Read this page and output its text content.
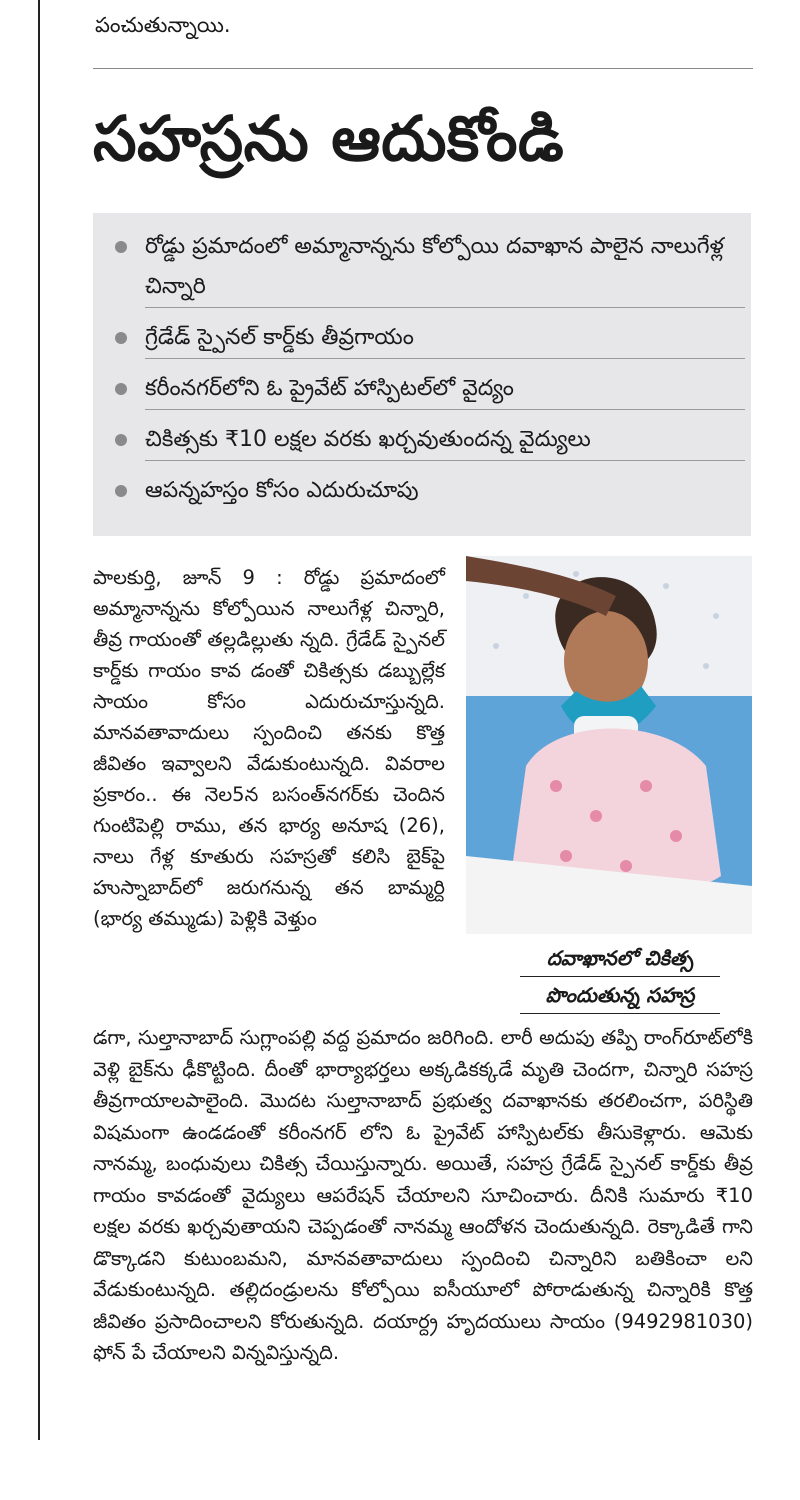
పంచుతున్నాయి.
సహస్రను ఆదుకోండి
రోడ్డు ప్రమాదంలో అమ్మానాన్నను కోల్పోయి దవాఖాన పాలైన నాలుగేళ్ల చిన్నారి
గ్రేడేడ్ స్పైనల్ కార్డ్‌కు తీవ్రగాయం
కరీంనగర్‌లోని ఓ ప్రైవేట్ హాస్పిటల్‌లో వైద్యం
చికిత్సకు ₹10 లక్షల వరకు ఖర్చవుతుందన్న వైద్యులు
ఆపన్నహస్తం కోసం ఎదురుచూపు
పాలకుర్తి, జూన్ 9 : రోడ్డు ప్రమాదంలో అమ్మానాన్నను కోల్పోయిన నాలుగేళ్ల చిన్నారి, తీవ్ర గాయంతో తల్లడిల్లుతు న్నది. గ్రేడేడ్ స్పైనల్ కార్డ్‌కు గాయం కావ డంతో చికిత్సకు డబ్బుల్లేక సాయం కోసం ఎదురుచూస్తున్నది. మానవతావాదులు స్పందించి తనకు కొత్త జీవితం ఇవ్వాలని వేడుకుంటున్నది. వివరాల ప్రకారం.. ఈ నెల5న బసంత్‌నగర్‌కు చెందిన గుంటిపెల్లి రాము, తన భార్య అనూష (26), నాలు గేళ్ల కూతురు సహస్రతో కలిసి బైక్‌పై హుస్నాబాద్‌లో జరుగనున్న తన బామ్మర్ది (భార్య తమ్ముడు) పెళ్లికి వెళ్తుం
దవాఖానలో చికిత్స
పొందుతున్న సహస్ర
డగా, సుల్తానాబాద్ సుగ్లాంపల్లి వద్ద ప్రమాదం జరిగింది. లారీ అదుపు తప్పి రాంగ్‌రూట్‌లోకి వెళ్లి బైక్‌ను ఢీకొట్టింది. దీంతో భార్యాభర్తలు అక్కడికక్కడే మృతి చెందగా, చిన్నారి సహస్ర తీవ్రగాయాలపాలైంది. మొదట సుల్తానాబాద్ ప్రభుత్వ దవాఖానకు తరలించగా, పరిస్థితి విషమంగా ఉండడంతో కరీంనగర్ లోని ఓ ప్రైవేట్ హాస్పిటల్‌కు తీసుకెళ్లారు. ఆమెకు నానమ్మ, బంధువులు చికిత్స చేయిస్తున్నారు. అయితే, సహస్ర గ్రేడేడ్ స్పైనల్ కార్డ్‌కు తీవ్ర గాయం కావడంతో వైద్యులు ఆపరేషన్ చేయాలని సూచించారు. దీనికి సుమారు ₹10 లక్షల వరకు ఖర్చవుతాయని చెప్పడంతో నానమ్మ ఆందోళన చెందుతున్నది. రెక్కాడితే గాని డొక్కాడని కుటుంబమని, మానవతావాదులు స్పందించి చిన్నారిని బతికించా లని వేడుకుంటున్నది. తల్లిదండ్రులను కోల్పోయి ఐసీయూలో పోరాడుతున్న చిన్నారికి కొత్త జీవితం ప్రసాదించాలని కోరుతున్నది. దయార్ద్ర హృదయులు సాయం (9492981030) ఫోన్ పే చేయాలని విన్నవిస్తున్నది.
